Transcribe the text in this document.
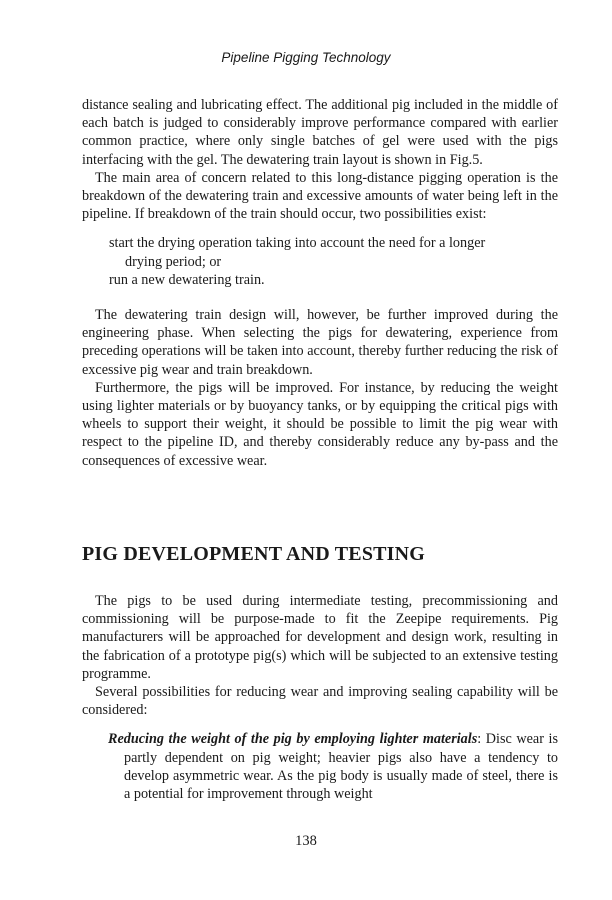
Pipeline Pigging Technology

distance sealing and lubricating effect. The additional pig included in the middle of each batch is judged to considerably improve performance compared with earlier common practice, where only single batches of gel were used with the pigs interfacing with the gel. The dewatering train layout is shown in Fig.5.

The main area of concern related to this long-distance pigging operation is the breakdown of the dewatering train and excessive amounts of water being left in the pipeline. If breakdown of the train should occur, two possibilities exist:

start the drying operation taking into account the need for a longer
drying period; or
run a new dewatering train.

The dewatering train design will, however, be further improved during the engineering phase. When selecting the pigs for dewatering, experience from preceding operations will be taken into account, thereby further reducing the risk of excessive pig wear and train breakdown.

Furthermore, the pigs will be improved. For instance, by reducing the weight using lighter materials or by buoyancy tanks, or by equipping the critical pigs with wheels to support their weight, it should be possible to limit the pig wear with respect to the pipeline ID, and thereby considerably reduce any by-pass and the consequences of excessive wear.

PIG DEVELOPMENT AND TESTING

The pigs to be used during intermediate testing, precommissioning and commissioning will be purpose-made to fit the Zeepipe requirements. Pig manufacturers will be approached for development and design work, resulting in the fabrication of a prototype pig(s) which will be subjected to an extensive testing programme.

Several possibilities for reducing wear and improving sealing capability will be considered:

Reducing the weight of the pig by employing lighter materials: Disc wear is partly dependent on pig weight; heavier pigs also have a tendency to develop asymmetric wear. As the pig body is usually made of steel, there is a potential for improvement through weight

138
